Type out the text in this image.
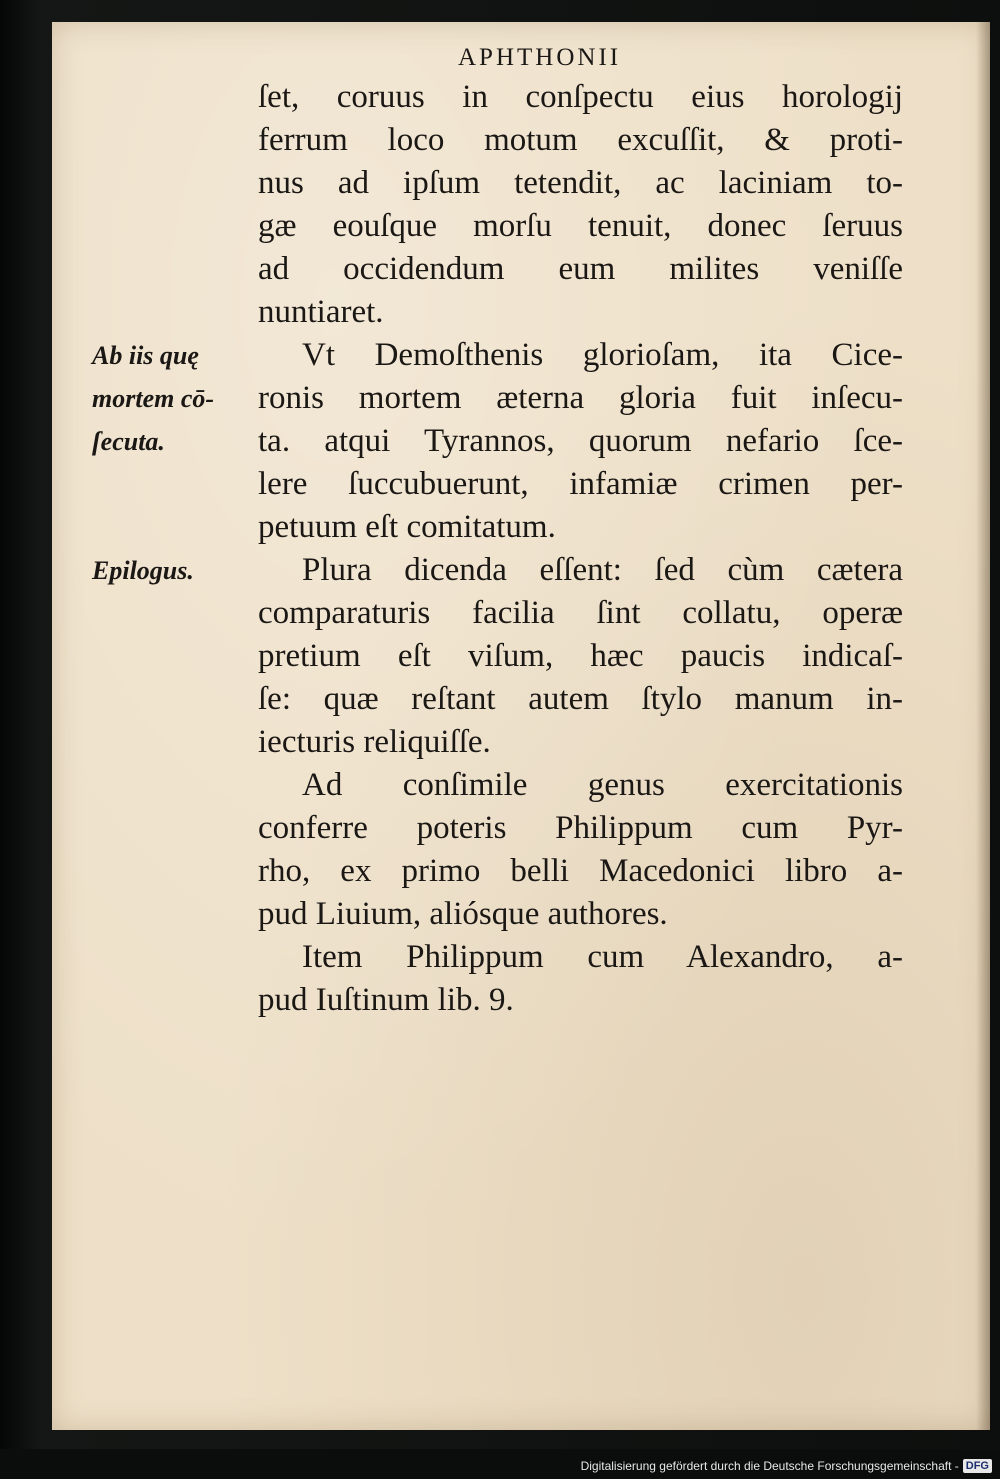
APHTHONII
ſet, coruus in conſpectu eius horologij
ferrum loco motum excuſſit, & proti-
nus ad ipſum tetendit, ac laciniam to-
gæ eouſque morſu tenuit, donec ſeruus
ad occidendum eum milites veniſſe
nuntiaret.
Vt Demoſthenis glorioſam, ita Cice-
ronis mortem æterna gloria fuit inſecu-
ta. atqui Tyrannos, quorum nefario ſce-
lere ſuccubuerunt, infamiæ crimen per-
petuum eſt comitatum.
Plura dicenda eſſent: ſed cùm cætera
comparaturis facilia ſint collatu, operæ
pretium eſt viſum, hæc paucis indicaſ-
ſe: quæ reſtant autem ſtylo manum in-
iecturis reliquiſſe.
Ad conſimile genus exercitationis
conferre poteris Philippum cum Pyr-
rho, ex primo belli Macedonici libro a-
pud Liuium, aliósque authores.
Item Philippum cum Alexandro, a-
pud Iuſtinum lib. 9.
Ab iis quę
mortem cō-
ſecuta.
Epilogus.
Digitalisierung gefördert durch die Deutsche Forschungsgemeinschaft - DFG
